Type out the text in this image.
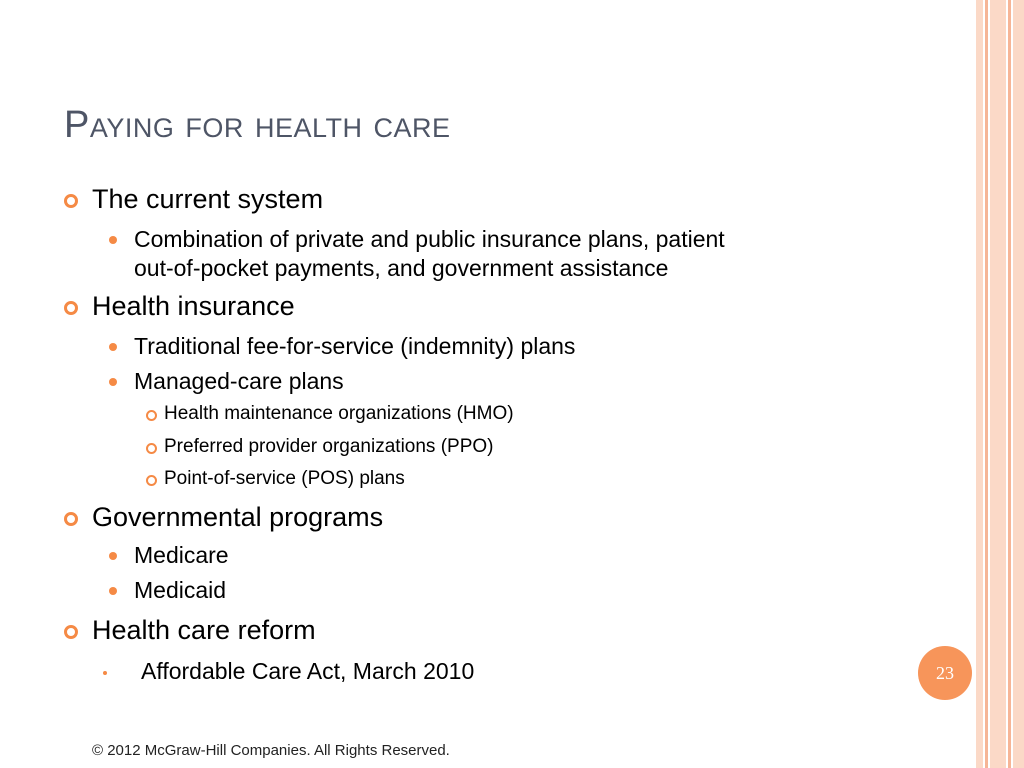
Paying for health care
The current system
Combination of private and public insurance plans, patient
out-of-pocket payments, and government assistance
Health insurance
Traditional fee-for-service (indemnity) plans
Managed-care plans
Health maintenance organizations (HMO)
Preferred provider organizations (PPO)
Point-of-service (POS) plans
Governmental programs
Medicare
Medicaid
Health care reform
Affordable Care Act, March 2010	23
© 2012 McGraw-Hill Companies. All Rights Reserved.
